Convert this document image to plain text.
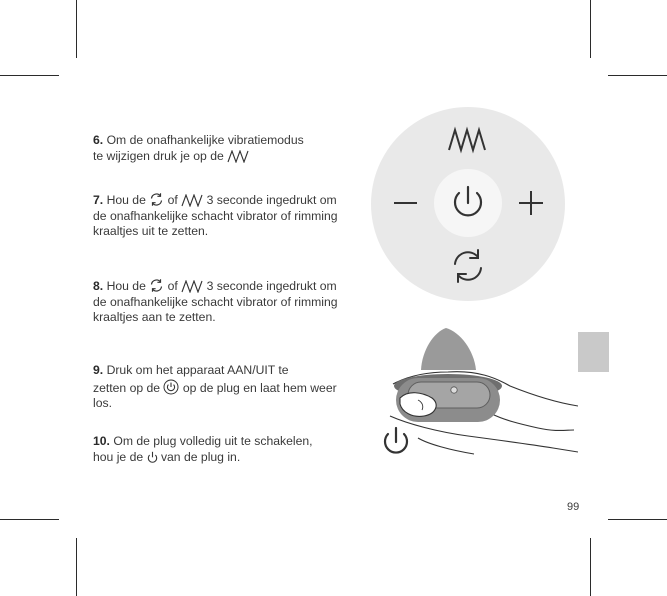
6. Om de onafhankelijke vibratiemodus
te wijzigen druk je op de
7. Hou de of 3 seconde ingedrukt om de onafhankelijke schacht vibrator of rimming kraaltjes uit te zetten.
8. Hou de of 3 seconde ingedrukt om de onafhankelijke schacht vibrator of rimming kraaltjes aan te zetten.
9. Druk om het apparaat AAN/UIT te
zetten op de op de plug en laat hem weer los.
10. Om de plug volledig uit te schakelen,
hou je de van de plug in.
99
